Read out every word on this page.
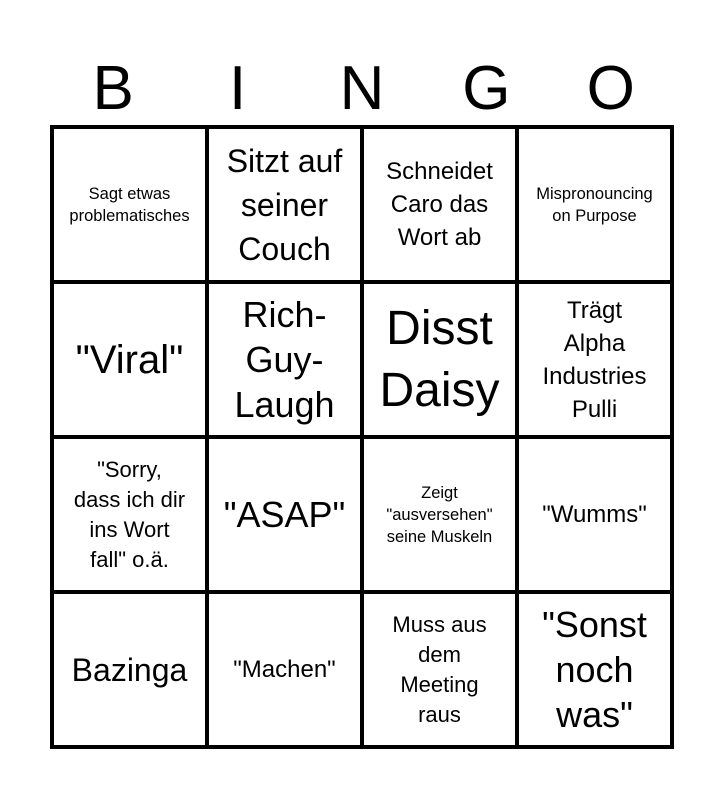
B	I	N	G	O
Sagt etwas
problematisches
Sitzt auf
seiner
Couch
Schneidet
Caro das
Wort ab
Mispronouncing
on Purpose
"Viral"
Rich-
Guy-
Laugh
Disst
Daisy
Trägt
Alpha
Industries
Pulli
"Sorry,
dass ich dir
ins Wort
fall" o.ä.
"ASAP"
Zeigt
"ausversehen"
seine Muskeln
"Wumms"
Bazinga "Machen"
Muss aus
dem
Meeting
raus
"Sonst
noch
was"
